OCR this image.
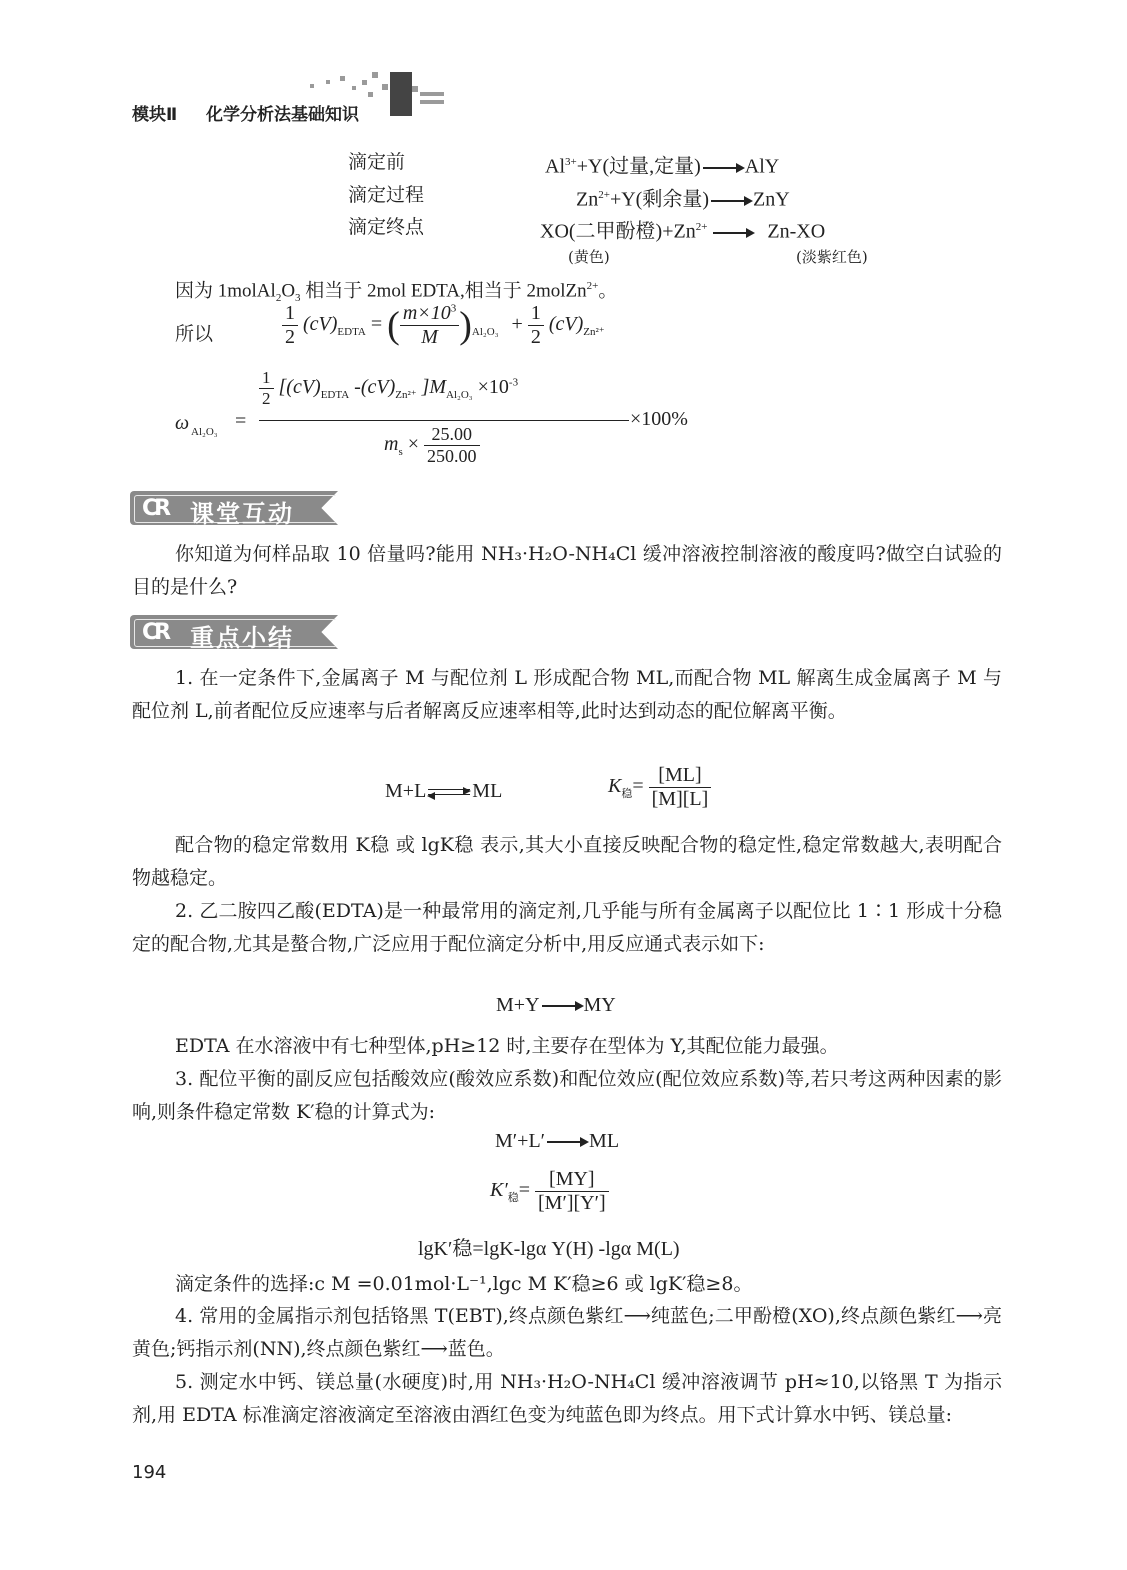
模块Ⅱ 化学分析法基础知识
滴定前	$Al^{3+}+Y$(过量,定量) → AlY
滴定过程	$Zn^{2+}+Y$(剩余量) → ZnY
滴定终点	XO(二甲酚橙)$+Zn^{2+} \to Zn-XO$
(黄色)	(淡紫红色)
因为 $1molAl_2O_3$ 相当于 2mol EDTA,相当于 2molZn$^{2+}$。
所以	$\frac{1}{2} (cV)_{EDTA}$ = ( $\frac{m\times 10^3}{M} )_{Al_2O_3} + \frac{1}{2} (cV)_{Zn^{2+}}$
ω Al₂O₃ =
$\frac{1}{2} [(cV)_{EDTA}$ $-(cV)_{Zn^{2+}}$ ]$M_{Al_2O_3} \times 10^{-3}$
$m_s \times \frac{25.00}{250.00}$
×100%
CR 课堂互动
你知道为何样品取 10 倍量吗?能用 NH₃·H₂O-NH₄Cl 缓冲溶液控制溶液的酸度吗?做空白试验的目的是什么?
CR 重点小结
1. 在一定条件下,金属离子 M 与配位剂 L 形成配合物 ML,而配合物 ML 解离生成金属离子 M 与配位剂 L,前者配位反应速率与后者解离反应速率相等,此时达到动态的配位解离平衡。
M+L ML	$K_稳= \frac{[ML]}{[M][L]}$
配合物的稳定常数用 K稳 或 lgK稳 表示,其大小直接反映配合物的稳定性,稳定常数越大,表明配合物越稳定。
2. 乙二胺四乙酸(EDTA)是一种最常用的滴定剂,几乎能与所有金属离子以配位比 1∶1 形成十分稳定的配合物,尤其是螯合物,广泛应用于配位滴定分析中,用反应通式表示如下:
M+Y → MY
EDTA 在水溶液中有七种型体,pH≥12 时,主要存在型体为 Y,其配位能力最强。
3. 配位平衡的副反应包括酸效应(酸效应系数)和配位效应(配位效应系数)等,若只考这两种因素的影响,则条件稳定常数 K′稳的计算式为:
M′+L′ → ML
$K'_稳= \frac{[MY]}{[M'][Y']}$
lgK′稳=lgK-lgα Y(H) -lgα M(L)
滴定条件的选择:c M =0.01mol·L⁻¹,lgc M K′稳≥6 或 lgK′稳≥8。
4. 常用的金属指示剂包括铬黑 T(EBT),终点颜色紫红⟶纯蓝色;二甲酚橙(XO),终点颜色紫红⟶亮黄色;钙指示剂(NN),终点颜色紫红⟶蓝色。
5. 测定水中钙、镁总量(水硬度)时,用 NH₃·H₂O-NH₄Cl 缓冲溶液调节 pH≈10,以铬黑 T 为指示剂,用 EDTA 标准滴定溶液滴定至溶液由酒红色变为纯蓝色即为终点。用下式计算水中钙、镁总量:
194
